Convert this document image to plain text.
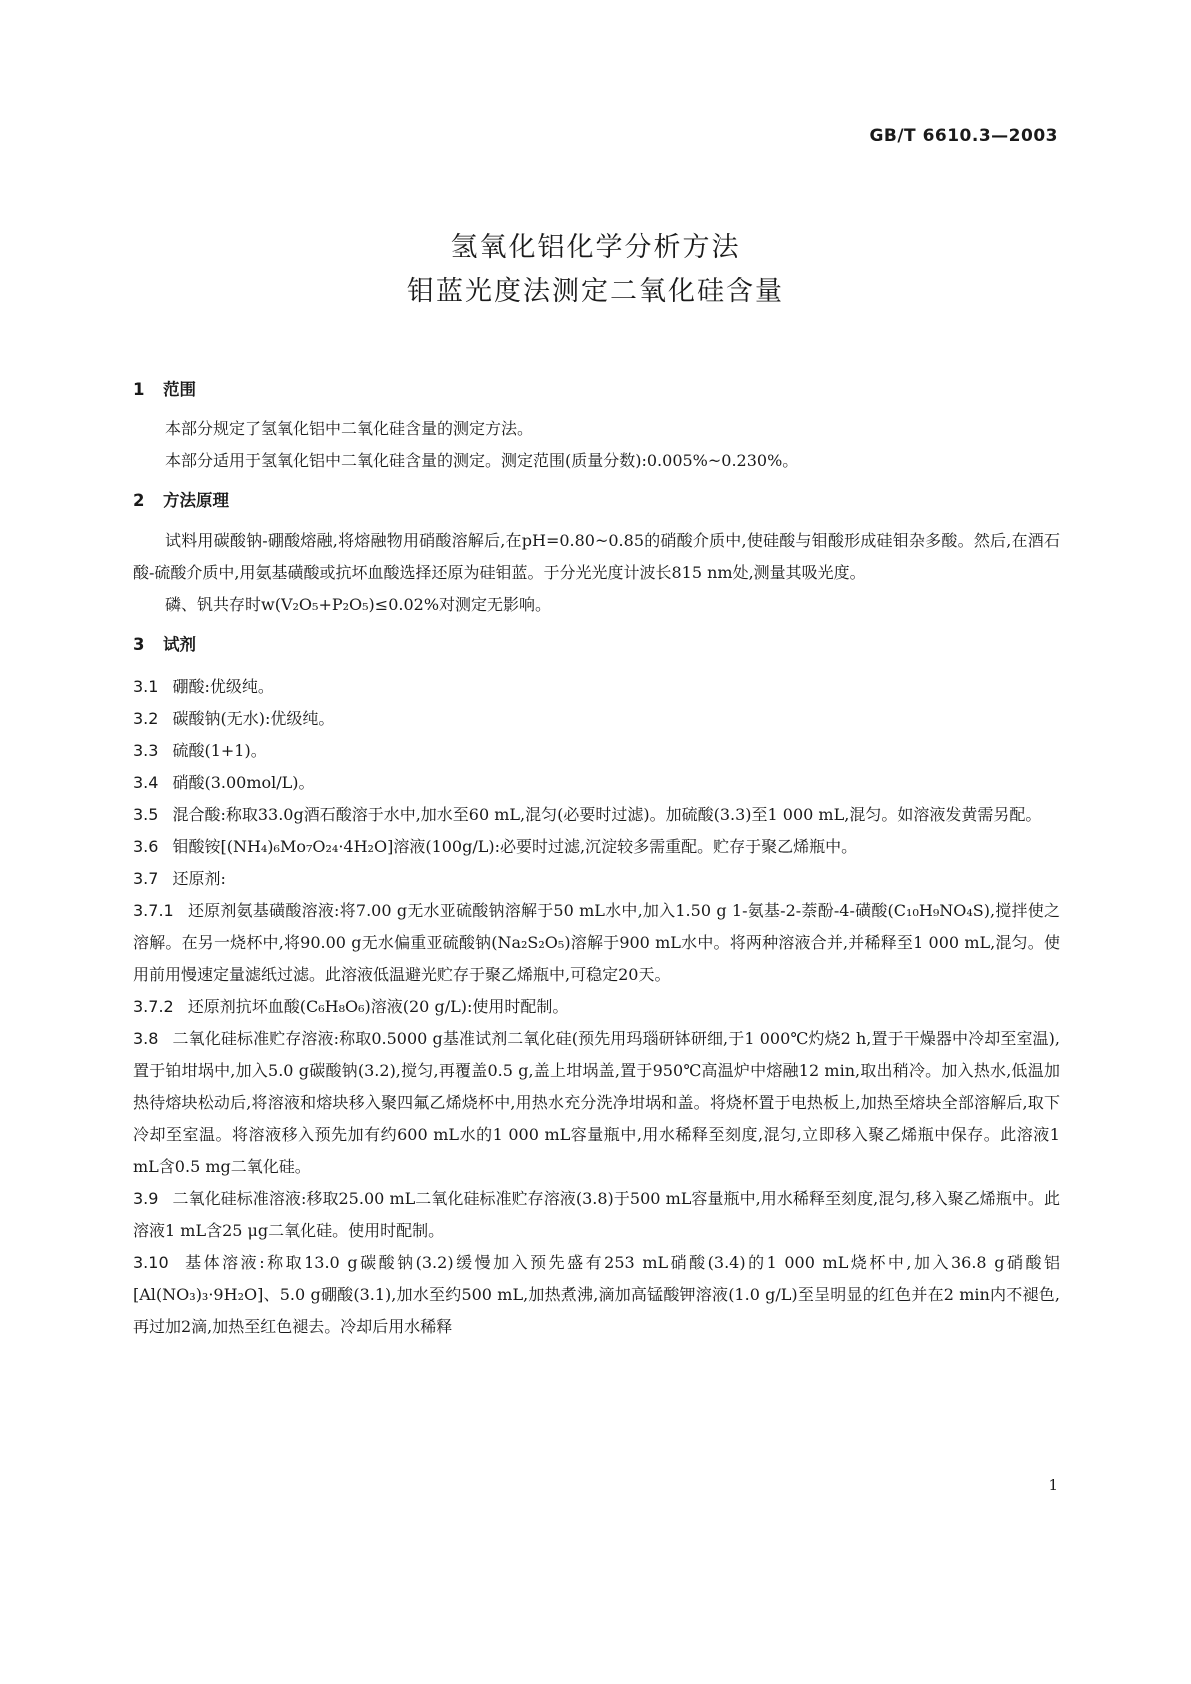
GB/T 6610.3—2003
氢氧化铝化学分析方法
钼蓝光度法测定二氧化硅含量
1 范围

本部分规定了氢氧化铝中二氧化硅含量的测定方法。

本部分适用于氢氧化铝中二氧化硅含量的测定。测定范围(质量分数):0.005%~0.230%。

2 方法原理

试料用碳酸钠-硼酸熔融,将熔融物用硝酸溶解后,在pH=0.80~0.85的硝酸介质中,使硅酸与钼酸形成硅钼杂多酸。然后,在酒石酸-硫酸介质中,用氨基磺酸或抗坏血酸选择还原为硅钼蓝。于分光光度计波长815 nm处,测量其吸光度。

磷、钒共存时w(V₂O₅+P₂O₅)≤0.02%对测定无影响。

3 试剂

3.1 硼酸:优级纯。

3.2 碳酸钠(无水):优级纯。

3.3 硫酸(1+1)。

3.4 硝酸(3.00mol/L)。

3.5 混合酸:称取33.0g酒石酸溶于水中,加水至60 mL,混匀(必要时过滤)。加硫酸(3.3)至1 000 mL,混匀。如溶液发黄需另配。

3.6 钼酸铵[(NH₄)₆Mo₇O₂₄·4H₂O]溶液(100g/L):必要时过滤,沉淀较多需重配。贮存于聚乙烯瓶中。

3.7 还原剂:

3.7.1 还原剂氨基磺酸溶液:将7.00 g无水亚硫酸钠溶解于50 mL水中,加入1.50 g 1-氨基-2-萘酚-4-磺酸(C₁₀H₉NO₄S),搅拌使之溶解。在另一烧杯中,将90.00 g无水偏重亚硫酸钠(Na₂S₂O₅)溶解于900 mL水中。将两种溶液合并,并稀释至1 000 mL,混匀。使用前用慢速定量滤纸过滤。此溶液低温避光贮存于聚乙烯瓶中,可稳定20天。

3.7.2 还原剂抗坏血酸(C₆H₈O₆)溶液(20 g/L):使用时配制。

3.8 二氧化硅标准贮存溶液:称取0.5000 g基准试剂二氧化硅(预先用玛瑙研钵研细,于1 000℃灼烧2 h,置于干燥器中冷却至室温),置于铂坩埚中,加入5.0 g碳酸钠(3.2),搅匀,再覆盖0.5 g,盖上坩埚盖,置于950℃高温炉中熔融12 min,取出稍冷。加入热水,低温加热待熔块松动后,将溶液和熔块移入聚四氟乙烯烧杯中,用热水充分洗净坩埚和盖。将烧杯置于电热板上,加热至熔块全部溶解后,取下冷却至室温。将溶液移入预先加有约600 mL水的1 000 mL容量瓶中,用水稀释至刻度,混匀,立即移入聚乙烯瓶中保存。此溶液1 mL含0.5 mg二氧化硅。

3.9 二氧化硅标准溶液:移取25.00 mL二氧化硅标准贮存溶液(3.8)于500 mL容量瓶中,用水稀释至刻度,混匀,移入聚乙烯瓶中。此溶液1 mL含25 μg二氧化硅。使用时配制。

3.10 基体溶液:称取13.0 g碳酸钠(3.2)缓慢加入预先盛有253 mL硝酸(3.4)的1 000 mL烧杯中,加入36.8 g硝酸铝[Al(NO₃)₃·9H₂O]、5.0 g硼酸(3.1),加水至约500 mL,加热煮沸,滴加高锰酸钾溶液(1.0 g/L)至呈明显的红色并在2 min内不褪色,再过加2滴,加热至红色褪去。冷却后用水稀释

1
